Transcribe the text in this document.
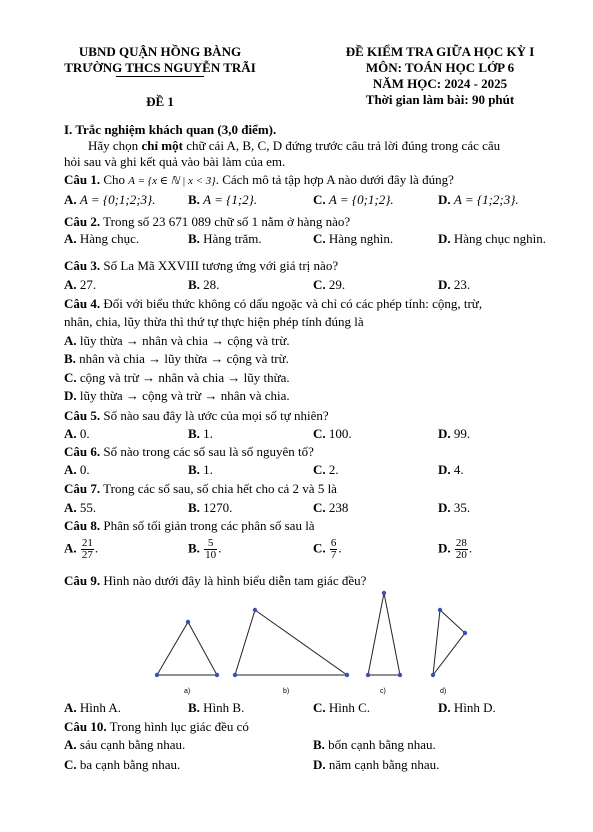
UBND QUẬN HỒNG BÀNG
TRƯỜNG THCS NGUYỄN TRÃI
ĐỀ 1
ĐỀ KIỂM TRA GIỮA HỌC KỲ I
MÔN: TOÁN HỌC LỚP 6
NĂM HỌC: 2024 - 2025
Thời gian làm bài: 90 phút
I. Trắc nghiệm khách quan (3,0 điểm).
Hãy chọn chỉ một chữ cái A, B, C, D đứng trước câu trả lời đúng trong các câu
hỏi sau và ghi kết quả vào bài làm của em.
Câu 1. Cho A = {x ∈ ℕ | x < 3}. Cách mô tả tập hợp A nào dưới đây là đúng?
A. A = {0;1;2;3}. B. A = {1;2}.	C. A = {0;1;2}.	D. A = {1;2;3}.
Câu 2. Trong số 23 671 089 chữ số 1 nằm ở hàng nào?
A. Hàng chục.	B. Hàng trăm.	C. Hàng nghìn.	D. Hàng chục nghìn.
Câu 3. Số La Mã XXVIII tương ứng với giá trị nào?
A. 27.	B. 28.	C. 29.	D. 23.
Câu 4. Đối với biểu thức không có dấu ngoặc và chỉ có các phép tính: cộng, trừ,
nhân, chia, lũy thừa thì thứ tự thực hiện phép tính đúng là
A. lũy thừa → nhân và chia → cộng và trừ.
B. nhân và chia → lũy thừa → cộng và trừ.
C. cộng và trừ → nhân và chia → lũy thừa.
D. lũy thừa → cộng và trừ → nhân và chia.
Câu 5. Số nào sau đây là ước của mọi số tự nhiên?
A. 0.	B. 1.	C. 100.	D. 99.
Câu 6. Số nào trong các số sau là số nguyên tố?
A. 0.	B. 1.	C. 2.	D. 4.
Câu 7. Trong các số sau, số chia hết cho cả 2 và 5 là
A. 55.	B. 1270.	C. 238	D. 35.
Câu 8. Phân số tối giản trong các phân số sau là
A. $\frac{21}{27}$ .	B. $\frac{5}{10}$ .	C. $\frac{6}{7}$ .	D. $\frac{28}{20}$ .
Câu 9. Hình nào dưới đây là hình biểu diễn tam giác đều?
a)	b)	c)	d)
A. Hình A.	B. Hình B.	C. Hình C.	D. Hình D.
Câu 10. Trong hình lục giác đều có
A. sáu cạnh bằng nhau.	B. bốn cạnh bằng nhau.
C. ba cạnh bằng nhau.	D. năm cạnh bằng nhau.
